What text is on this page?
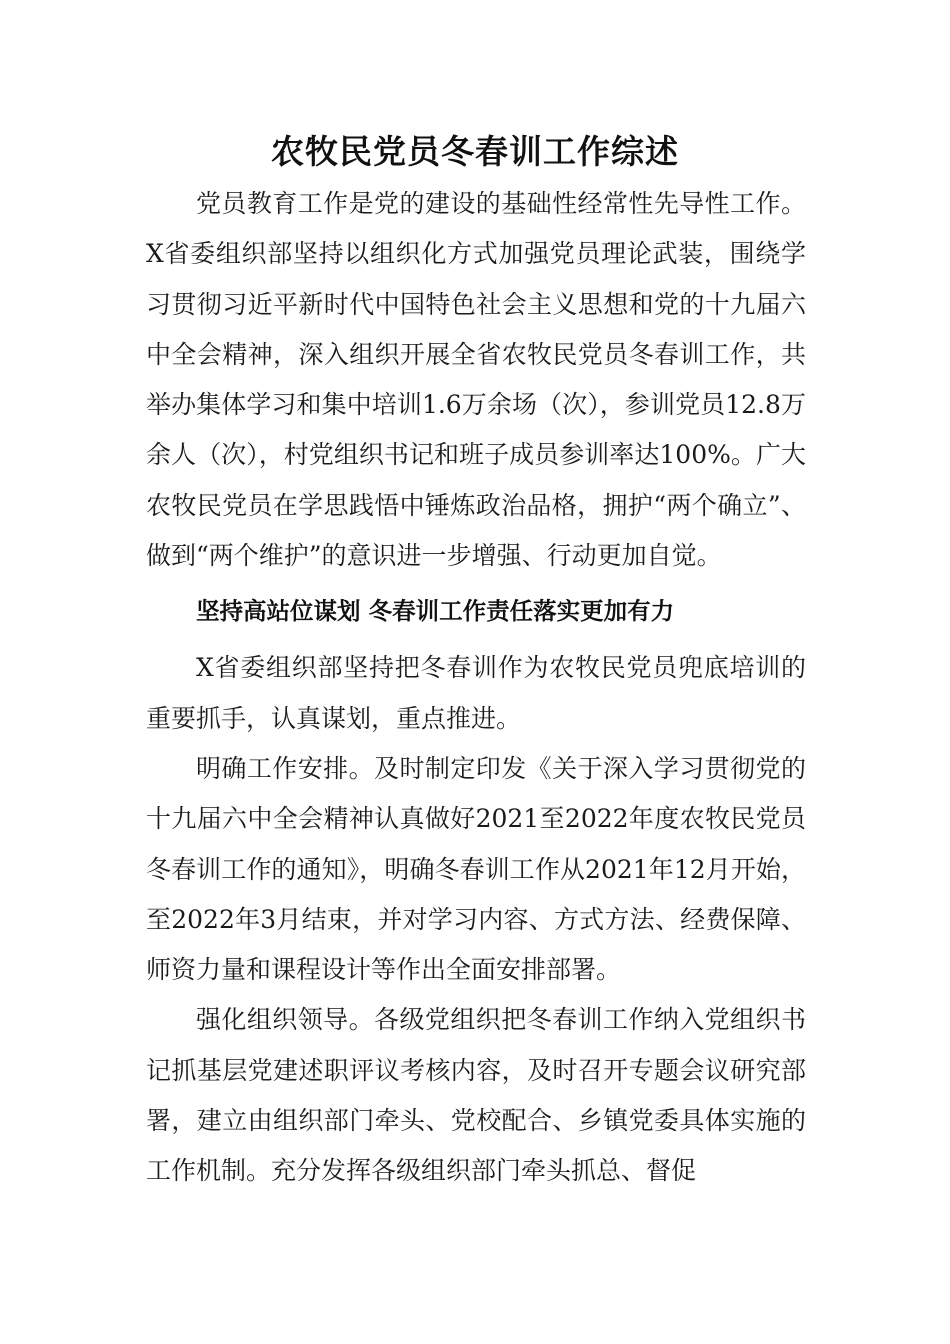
农牧民党员冬春训工作综述

党员教育工作是党的建设的基础性经常性先导性工作。X省委组织部坚持以组织化方式加强党员理论武装，围绕学习贯彻习近平新时代中国特色社会主义思想和党的十九届六中全会精神，深入组织开展全省农牧民党员冬春训工作，共举办集体学习和集中培训1.6万余场（次），参训党员12.8万余人（次），村党组织书记和班子成员参训率达100%。广大农牧民党员在学思践悟中锤炼政治品格，拥护“两个确立”、做到“两个维护”的意识进一步增强、行动更加自觉。

坚持高站位谋划 冬春训工作责任落实更加有力

X省委组织部坚持把冬春训作为农牧民党员兜底培训的重要抓手，认真谋划，重点推进。

明确工作安排。及时制定印发《关于深入学习贯彻党的十九届六中全会精神认真做好2021至2022年度农牧民党员冬春训工作的通知》，明确冬春训工作从2021年12月开始，至2022年3月结束，并对学习内容、方式方法、经费保障、师资力量和课程设计等作出全面安排部署。

强化组织领导。各级党组织把冬春训工作纳入党组织书记抓基层党建述职评议考核内容，及时召开专题会议研究部署，建立由组织部门牵头、党校配合、乡镇党委具体实施的工作机制。充分发挥各级组织部门牵头抓总、督促
